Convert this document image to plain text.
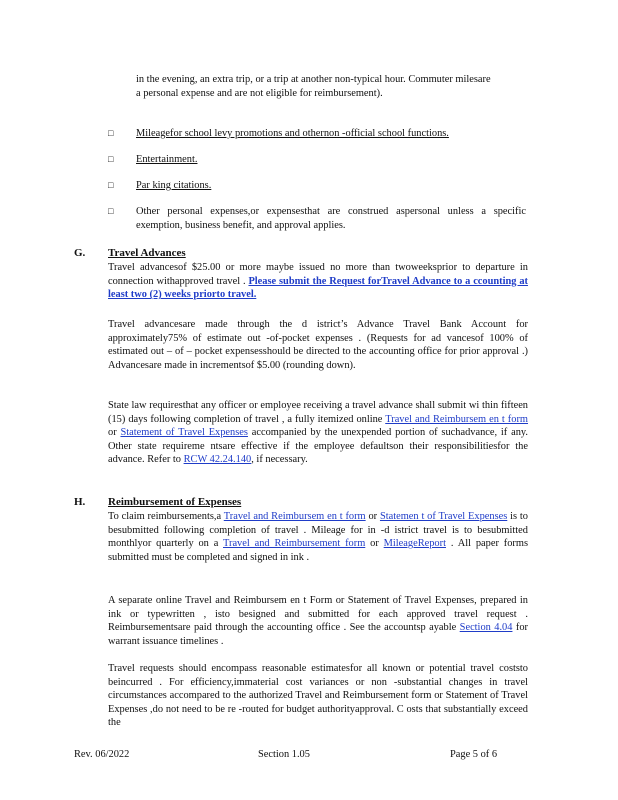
in the evening, an extra trip, or a trip at another non-typical hour. Commuter milesare a personal expense and are not eligible for reimbursement).
□ Mileagefor school levy promotions and othernon -official school functions.
□ Entertainment.
□ Par king citations.
□ Other personal expenses,or expensesthat are construed aspersonal unless a specific exemption, business benefit, and approval applies.
G. Travel Advances
Travel advancesof $25.00 or more maybe issued no more than twoweeksprior to departure in connection withapproved travel . Please submit the Request forTravel Advance to a ccounting at least two (2) weeks priorto travel.
Travel advancesare made through the d istrict’s Advance Travel Bank Account for approximately75% of estimate out -of-pocket expenses . (Requests for ad vancesof 100% of estimated out – of – pocket expensesshould be directed to the accounting office for prior approval .) Advancesare made in incrementsof $5.00 (rounding down).
State law requiresthat any officer or employee receiving a travel advance shall submit wi thin fifteen (15) days following completion of travel , a fully itemized online Travel and Reimbursem en t form or Statement of Travel Expenses accompanied by the unexpended portion of suchadvance, if any. Other state requireme ntsare effective if the employee defaultson their responsibilitiesfor the advance. Refer to RCW 42.24.140, if necessary.
H. Reimbursement of Expenses
To claim reimbursements,a Travel and Reimbursem en t form or Statemen t of Travel Expenses is to besubmitted following completion of travel . Mileage for in -d istrict travel is to besubmitted monthlyor quarterly on a Travel and Reimbursement form or MileageReport . All paper forms submitted must be completed and signed in ink .
A separate online Travel and Reimbursem en t Form or Statement of Travel Expenses, prepared in ink or typewritten , isto besigned and submitted for each approved travel request . Reimbursementsare paid through the accounting office . See the accountsp ayable Section 4.04 for warrant issuance timelines .
Travel requests should encompass reasonable estimatesfor all known or potential travel coststo beincurred . For efficiency,immaterial cost variances or non -substantial changes in travel circumstances accompared to the authorized Travel and Reimbursement form or Statement of Travel Expenses ,do not need to be re -routed for budget authorityapproval. C osts that substantially exceed the
Rev. 06/2022	Section 1.05	Page 5 of 6
